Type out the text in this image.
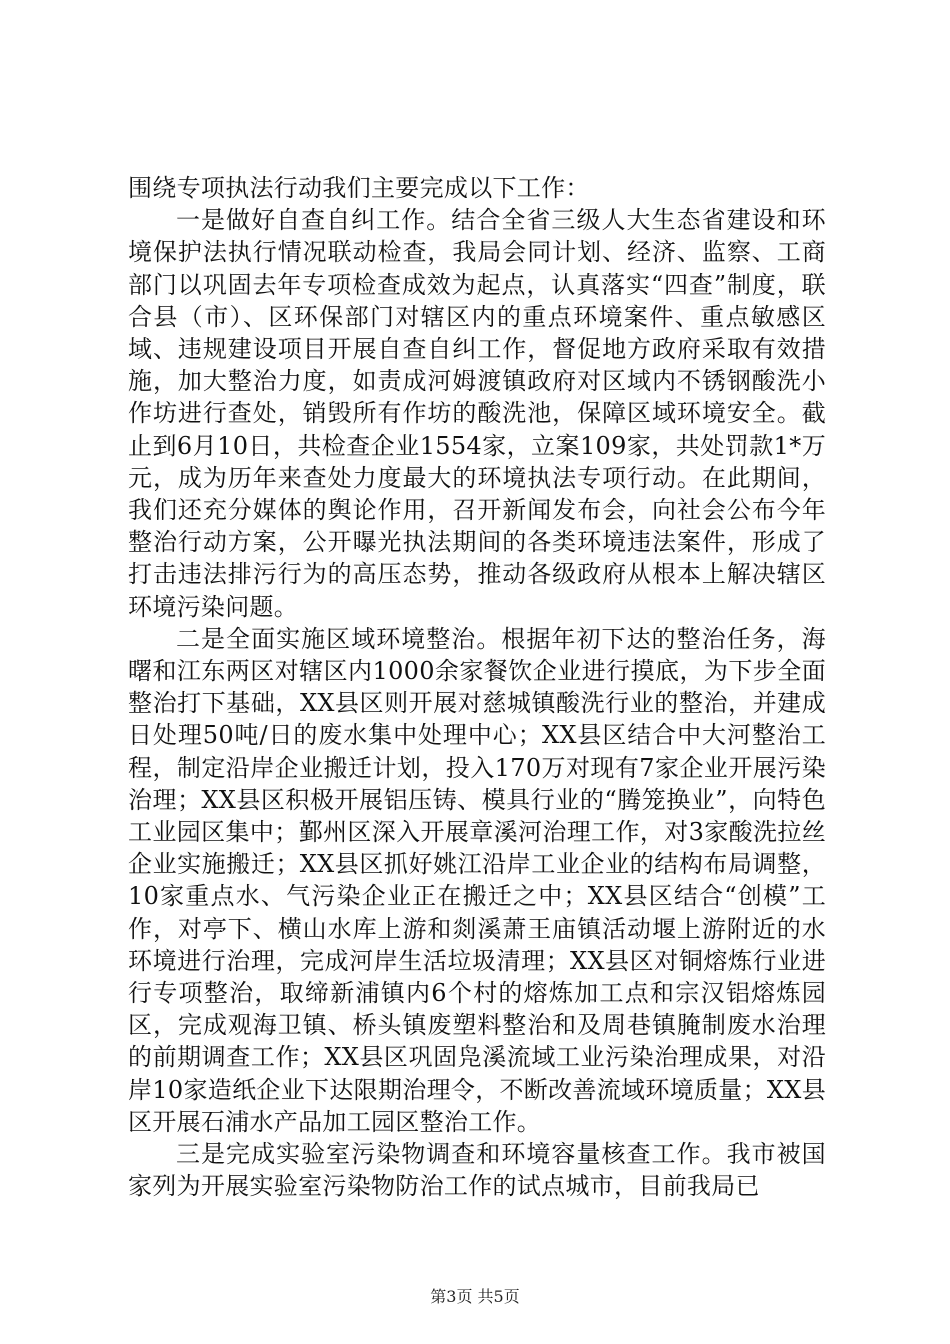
围绕专项执法行动我们主要完成以下工作：

一是做好自查自纠工作。结合全省三级人大生态省建设和环境保护法执行情况联动检查，我局会同计划、经济、监察、工商部门以巩固去年专项检查成效为起点，认真落实“四查”制度，联合县（市）、区环保部门对辖区内的重点环境案件、重点敏感区域、违规建设项目开展自查自纠工作，督促地方政府采取有效措施，加大整治力度，如责成河姆渡镇政府对区域内不锈钢酸洗小作坊进行查处，销毁所有作坊的酸洗池，保障区域环境安全。截止到6月10日，共检查企业1554家，立案109家，共处罚款1*万元，成为历年来查处力度最大的环境执法专项行动。在此期间，我们还充分媒体的舆论作用，召开新闻发布会，向社会公布今年整治行动方案，公开曝光执法期间的各类环境违法案件，形成了打击违法排污行为的高压态势，推动各级政府从根本上解决辖区环境污染问题。

二是全面实施区域环境整治。根据年初下达的整治任务，海曙和江东两区对辖区内1000余家餐饮企业进行摸底，为下步全面整治打下基础，XX县区则开展对慈城镇酸洗行业的整治，并建成日处理50吨/日的废水集中处理中心；XX县区结合中大河整治工程，制定沿岸企业搬迁计划，投入170万对现有7家企业开展污染治理；XX县区积极开展铝压铸、模具行业的“腾笼换业”，向特色工业园区集中；鄞州区深入开展章溪河治理工作，对3家酸洗拉丝企业实施搬迁；XX县区抓好姚江沿岸工业企业的结构布局调整，10家重点水、气污染企业正在搬迁之中；XX县区结合“创模”工作，对亭下、横山水库上游和剡溪萧王庙镇活动堰上游附近的水环境进行治理，完成河岸生活垃圾清理；XX县区对铜熔炼行业进行专项整治，取缔新浦镇内6个村的熔炼加工点和宗汉铝熔炼园区，完成观海卫镇、桥头镇废塑料整治和及周巷镇腌制废水治理的前期调查工作；XX县区巩固凫溪流域工业污染治理成果，对沿岸10家造纸企业下达限期治理令，不断改善流域环境质量；XX县区开展石浦水产品加工园区整治工作。

三是完成实验室污染物调查和环境容量核查工作。我市被国家列为开展实验室污染物防治工作的试点城市，目前我局已

第3页 共5页
